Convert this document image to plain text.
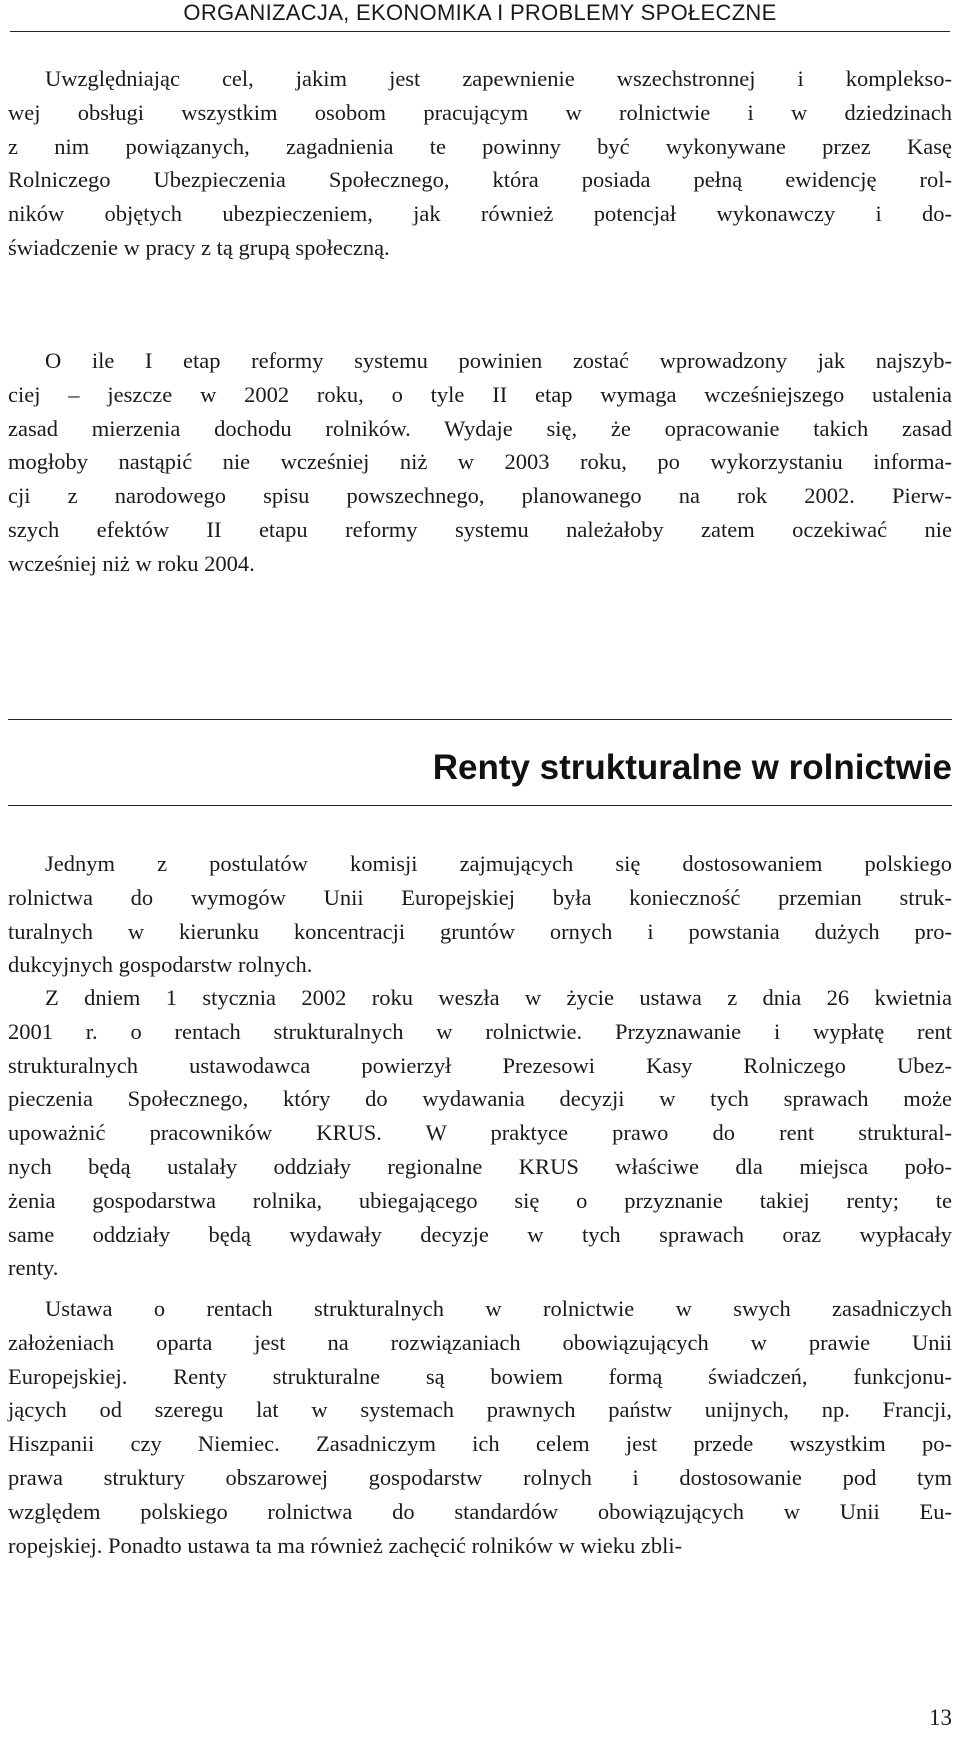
ORGANIZACJA, EKONOMIKA I PROBLEMY SPOŁECZNE
Uwzględniając cel, jakim jest zapewnienie wszechstronnej i komplekso-
wej obsługi wszystkim osobom pracującym w rolnictwie i w dziedzinach
z nim powiązanych, zagadnienia te powinny być wykonywane przez Kasę
Rolniczego Ubezpieczenia Społecznego, która posiada pełną ewidencję rol-
ników objętych ubezpieczeniem, jak również potencjał wykonawczy i do-
świadczenie w pracy z tą grupą społeczną.
O ile I etap reformy systemu powinien zostać wprowadzony jak najszyb-
ciej – jeszcze w 2002 roku, o tyle II etap wymaga wcześniejszego ustalenia
zasad mierzenia dochodu rolników. Wydaje się, że opracowanie takich zasad
mogłoby nastąpić nie wcześniej niż w 2003 roku, po wykorzystaniu informa-
cji z narodowego spisu powszechnego, planowanego na rok 2002. Pierw-
szych efektów II etapu reformy systemu należałoby zatem oczekiwać nie
wcześniej niż w roku 2004.
Renty strukturalne w rolnictwie
Jednym z postulatów komisji zajmujących się dostosowaniem polskiego
rolnictwa do wymogów Unii Europejskiej była konieczność przemian struk-
turalnych w kierunku koncentracji gruntów ornych i powstania dużych pro-
dukcyjnych gospodarstw rolnych.
Z dniem 1 stycznia 2002 roku weszła w życie ustawa z dnia 26 kwietnia
2001 r. o rentach strukturalnych w rolnictwie. Przyznawanie i wypłatę rent
strukturalnych ustawodawca powierzył Prezesowi Kasy Rolniczego Ubez-
pieczenia Społecznego, który do wydawania decyzji w tych sprawach może
upoważnić pracowników KRUS. W praktyce prawo do rent struktural-
nych będą ustalały oddziały regionalne KRUS właściwe dla miejsca poło-
żenia gospodarstwa rolnika, ubiegającego się o przyznanie takiej renty; te
same oddziały będą wydawały decyzje w tych sprawach oraz wypłacały
renty.
Ustawa o rentach strukturalnych w rolnictwie w swych zasadniczych
założeniach oparta jest na rozwiązaniach obowiązujących w prawie Unii
Europejskiej. Renty strukturalne są bowiem formą świadczeń, funkcjonu-
jących od szeregu lat w systemach prawnych państw unijnych, np. Francji,
Hiszpanii czy Niemiec. Zasadniczym ich celem jest przede wszystkim po-
prawa struktury obszarowej gospodarstw rolnych i dostosowanie pod tym
względem polskiego rolnictwa do standardów obowiązujących w Unii Eu-
ropejskiej. Ponadto ustawa ta ma również zachęcić rolników w wieku zbli-
13
